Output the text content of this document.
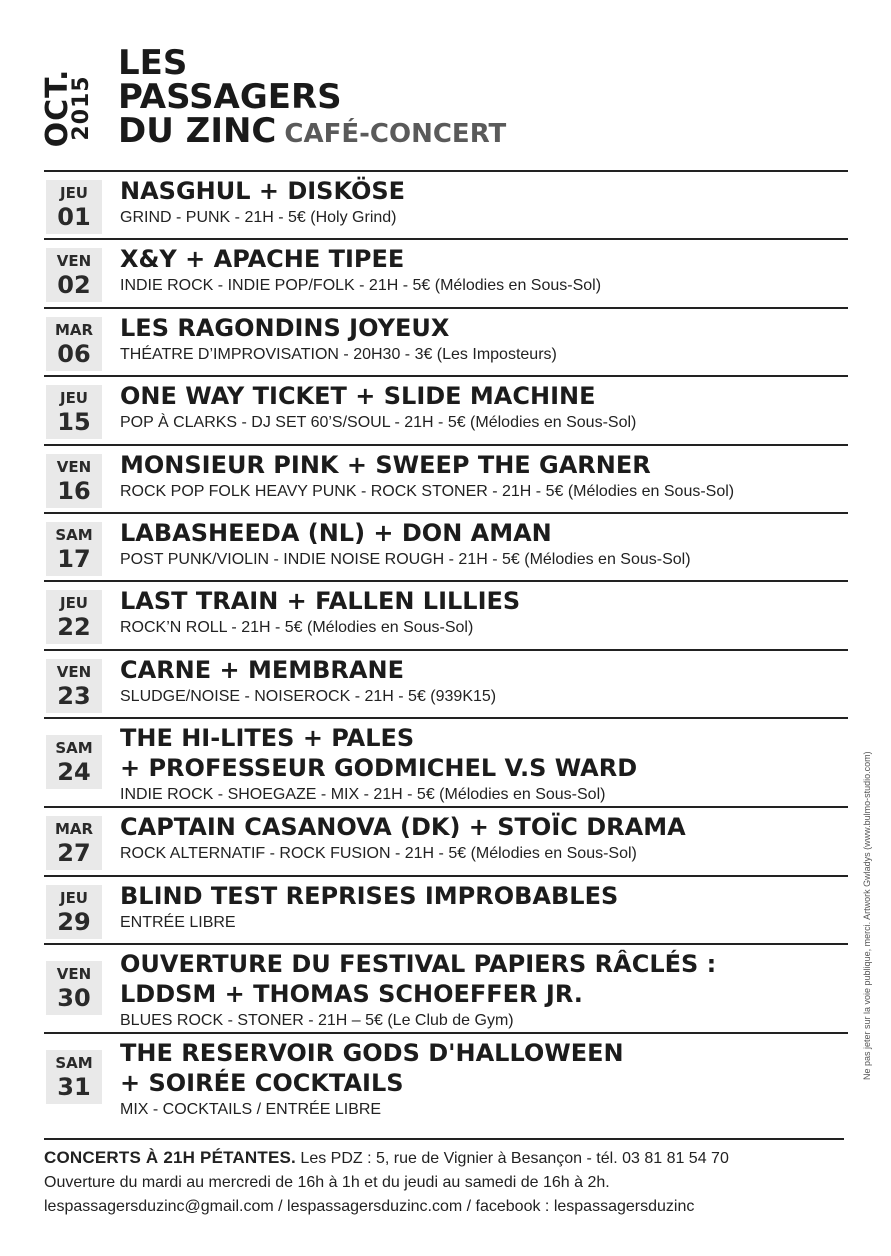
OCT.
2015
LES
PASSAGERS
DU ZINC CAFÉ-CONCERT
JEU
01
NASGHUL + DISKÖSE
GRIND - PUNK - 21H - 5€ (Holy Grind)
VEN
02
X&Y + APACHE TIPEE
INDIE ROCK - INDIE POP/FOLK - 21H - 5€ (Mélodies en Sous-Sol)
MAR
06
LES RAGONDINS JOYEUX
THÉATRE D’IMPROVISATION - 20H30 - 3€ (Les Imposteurs)
JEU
15
ONE WAY TICKET + SLIDE MACHINE
POP À CLARKS - DJ SET 60’S/SOUL - 21H - 5€ (Mélodies en Sous-Sol)
VEN
16
MONSIEUR PINK + SWEEP THE GARNER
ROCK POP FOLK HEAVY PUNK - ROCK STONER - 21H - 5€ (Mélodies en Sous-Sol)
SAM
17
LABASHEEDA (NL) + DON AMAN
POST PUNK/VIOLIN - INDIE NOISE ROUGH - 21H - 5€ (Mélodies en Sous-Sol)
JEU
22
LAST TRAIN + FALLEN LILLIES
ROCK’N ROLL - 21H - 5€ (Mélodies en Sous-Sol)
VEN
23
CARNE + MEMBRANE
SLUDGE/NOISE - NOISEROCK - 21H - 5€ (939K15)
SAM
24
THE HI-LITES + PALES
+ PROFESSEUR GODMICHEL V.S WARD
INDIE ROCK - SHOEGAZE - MIX - 21H - 5€ (Mélodies en Sous-Sol)
MAR
27
CAPTAIN CASANOVA (DK) + STOÏC DRAMA
ROCK ALTERNATIF - ROCK FUSION - 21H - 5€ (Mélodies en Sous-Sol)
JEU
29
BLIND TEST REPRISES IMPROBABLES
ENTRÉE LIBRE
VEN
30
OUVERTURE DU FESTIVAL PAPIERS RÂCLÉS :
LDDSM + THOMAS SCHOEFFER JR.
BLUES ROCK - STONER - 21H – 5€ (Le Club de Gym)
SAM
31
THE RESERVOIR GODS D'HALLOWEEN
+ SOIRÉE COCKTAILS
MIX - COCKTAILS / ENTRÉE LIBRE
CONCERTS À 21H PÉTANTES. Les PDZ : 5, rue de Vignier à Besançon - tél. 03 81 81 54 70
Ouverture du mardi au mercredi de 16h à 1h et du jeudi au samedi de 16h à 2h.
lespassagersduzinc@gmail.com / lespassagersduzinc.com / facebook : lespassagersduzinc
Ne pas jeter sur la voie publique, merci. Artwork Gwladys (www.bulmo-studio.com)
